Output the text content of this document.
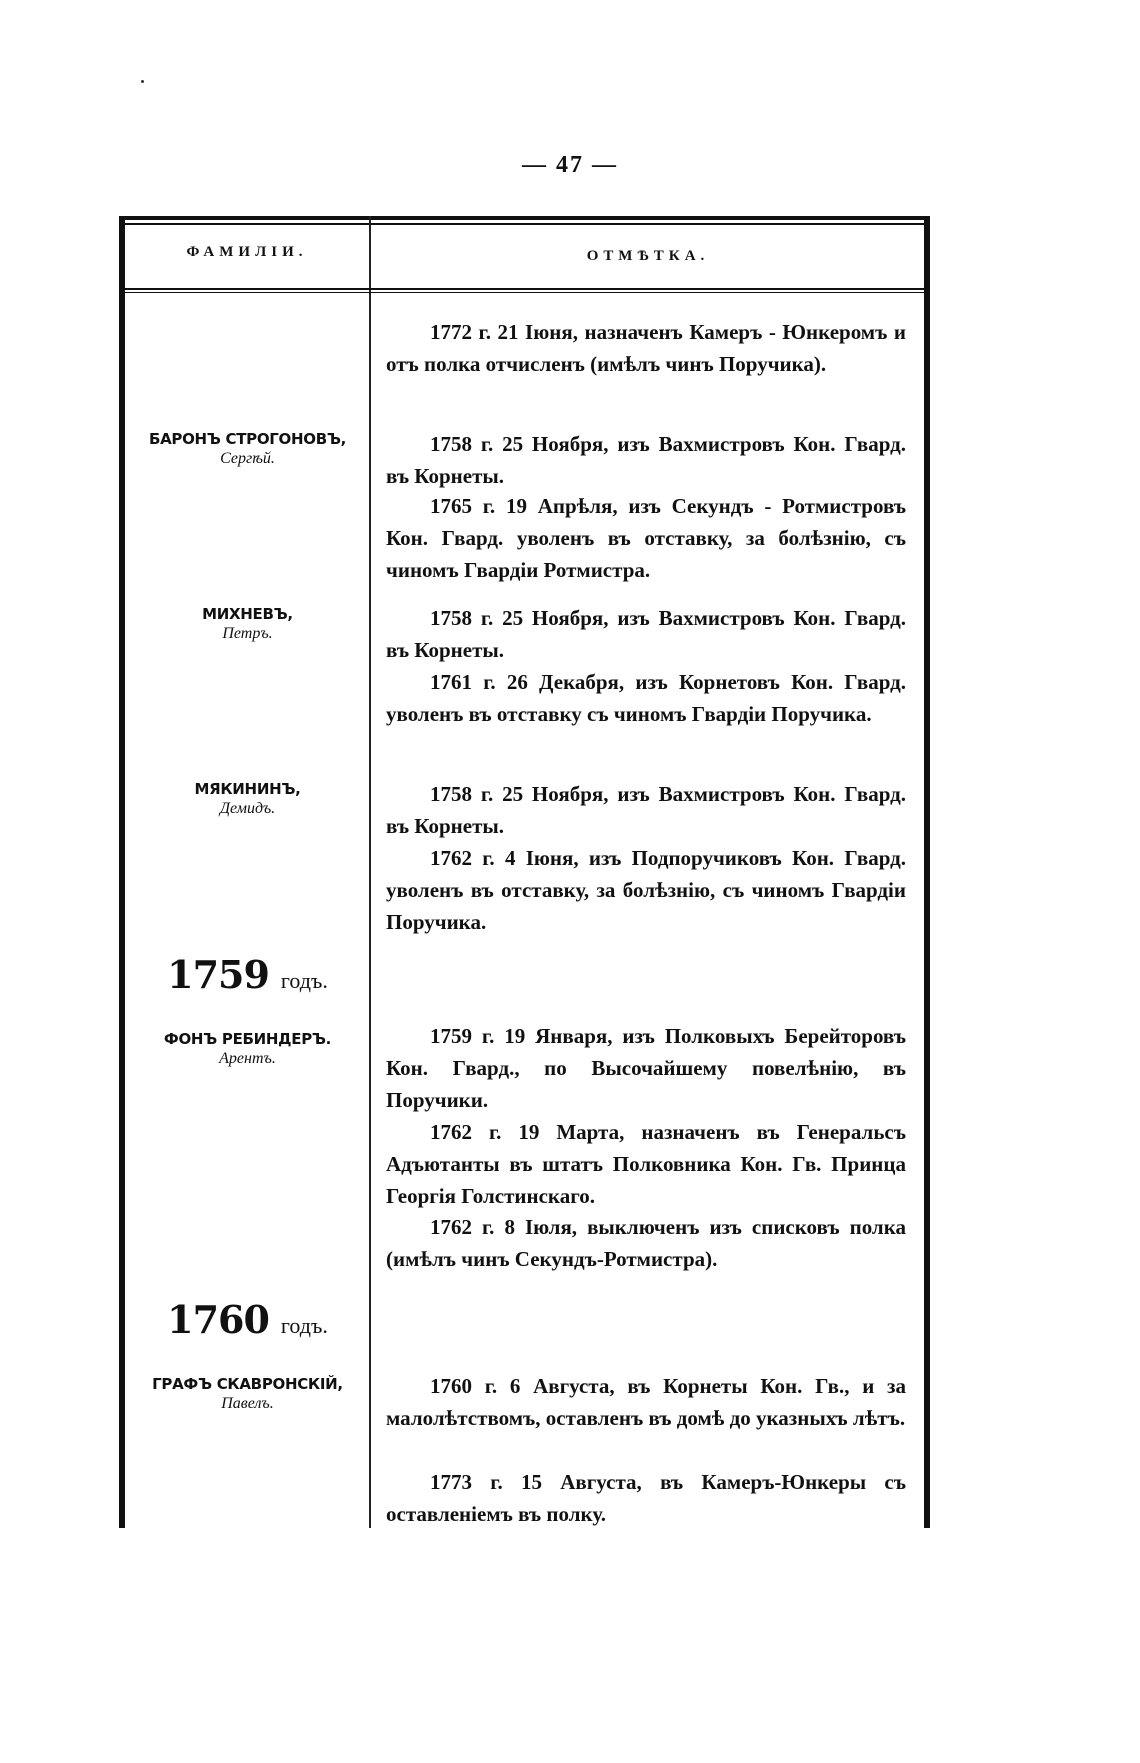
— 47 —
ФАМИЛІИ.	ОТМѢТКА.

1772 г. 21 Іюня, назначенъ Камеръ - Юнкеромъ и отъ полка отчисленъ (имѣлъ чинъ Поручика).

БАРОНЪ СТРОГОНОВЪ,
Сергѣй.

1758 г. 25 Ноября, изъ Вахмистровъ Кон. Гвард. въ Корнеты.

1765 г. 19 Апрѣля, изъ Секундъ - Ротмистровъ Кон. Гвард. уволенъ въ отставку, за болѣзнію, съ чиномъ Гвардіи Ротмистра.

МИХНЕВЪ,
Петръ.

1758 г. 25 Ноября, изъ Вахмистровъ Кон. Гвард. въ Корнеты.

1761 г. 26 Декабря, изъ Корнетовъ Кон. Гвард. уволенъ въ отставку съ чиномъ Гвардіи Поручика.

МЯКИНИНЪ,
Демидъ.

1758 г. 25 Ноября, изъ Вахмистровъ Кон. Гвард. въ Корнеты.

1762 г. 4 Іюня, изъ Подпоручиковъ Кон. Гвард. уволенъ въ отставку, за болѣзнію, съ чиномъ Гвардіи Поручика.

1759 годъ.
ФОНЪ РЕБИНДЕРЪ.
Арентъ.

1759 г. 19 Января, изъ Полковыхъ Берейторовъ Кон. Гвард., по Высочайшему повелѣнію, въ Поручики.

1762 г. 19 Марта, назначенъ въ Генеральсъ Адъютанты въ штатъ Полковника Кон. Гв. Принца Георгія Голстинскаго.

1762 г. 8 Іюля, выключенъ изъ списковъ полка (имѣлъ чинъ Секундъ-Ротмистра).

1760 годъ.
ГРАФЪ СКАВРОНСКІЙ,
Павелъ.

1760 г. 6 Августа, въ Корнеты Кон. Гв., и за малолѣтствомъ, оставленъ въ домѣ до указныхъ лѣтъ.

1773 г. 15 Августа, въ Камеръ-Юнкеры съ оставленіемъ въ полку.
